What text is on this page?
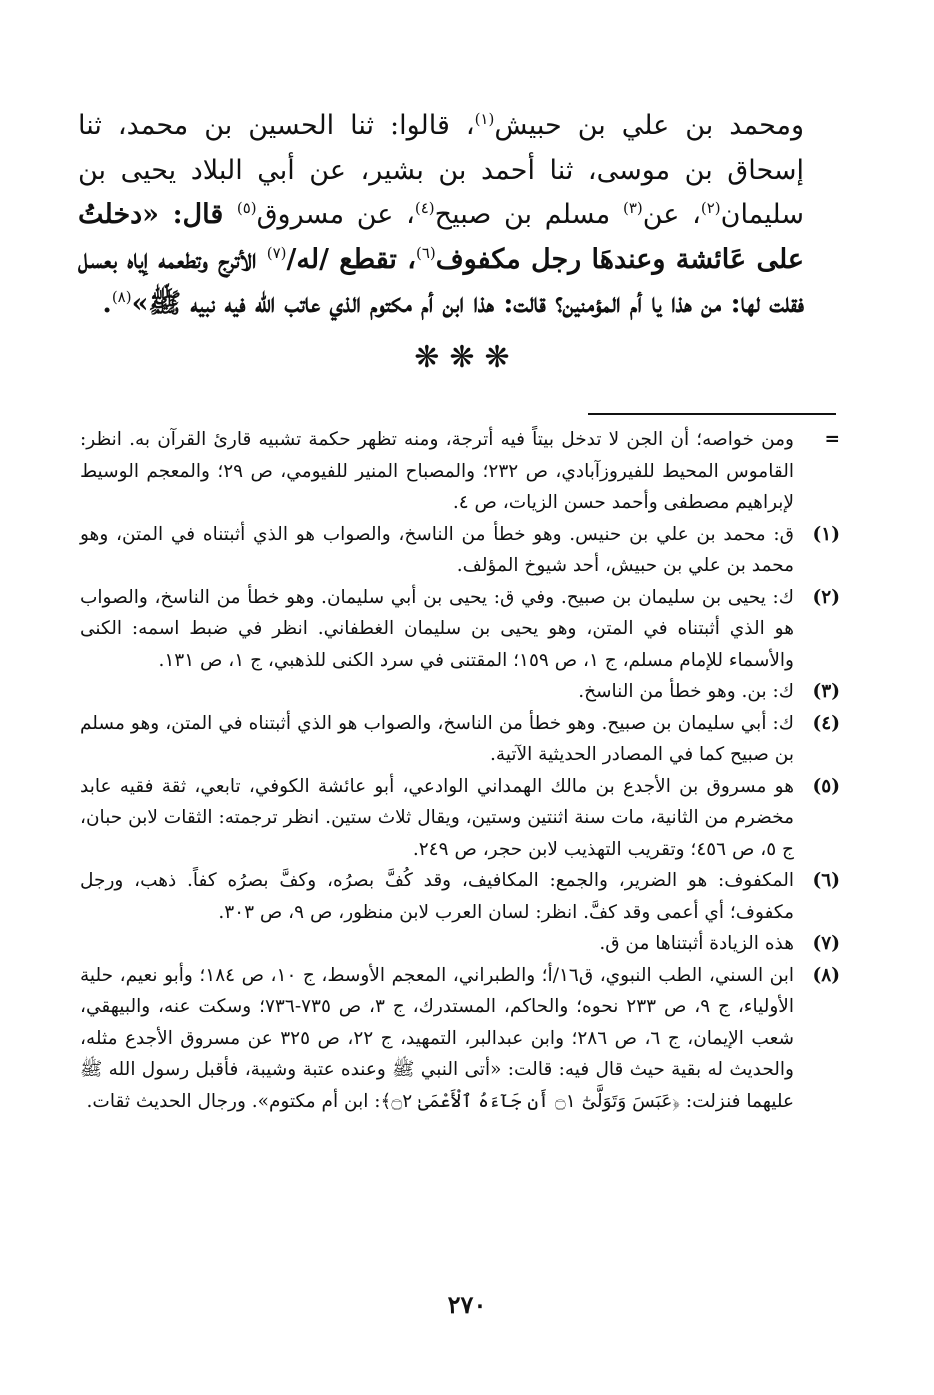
ومحمد بن علي بن حبيش$^{(١)}$، قالوا: ثنا الحسين بن محمد، ثنا إسحاق بن موسى، ثنا أحمد بن بشير، عن أبي البلاد يحيى بن سليمان$^{(٢)}$، عن$^{(٣)}$ مسلم بن صبيح$^{(٤)}$، عن مسروق$^{(٥)}$ قال: «دخلتُ على عَائشة وعندهَا رجل مكفوف$^{(٦)}$، تقطع /له/$^{(٧)}$ الأترج وتطعمه إياه بعسل فقلت لها: من هذا يا أم المؤمنين؟ قالت: هذا ابن أم مكتوم الذي عاتب الله فيه نبيه ﷺ»$^{(٨)}$.
❋❋❋
=
ومن خواصه؛ أن الجن لا تدخل بيتاً فيه أترجة، ومنه تظهر حكمة تشبيه قارئ القرآن به. انظر: القاموس المحيط للفيروزآبادي، ص ٢٣٢؛ والمصباح المنير للفيومي، ص ٢٩؛ والمعجم الوسيط لإبراهيم مصطفى وأحمد حسن الزيات، ص ٤.
(١)
ق: محمد بن علي بن حنيس. وهو خطأ من الناسخ، والصواب هو الذي أثبتناه في المتن، وهو محمد بن علي بن حبيش، أحد شيوخ المؤلف.
(٢)
ك: يحيى بن سليمان بن صبيح. وفي ق: يحيى بن أبي سليمان. وهو خطأ من الناسخ، والصواب هو الذي أثبتناه في المتن، وهو يحيى بن سليمان الغطفاني. انظر في ضبط اسمه: الكنى والأسماء للإمام مسلم، ج ١، ص ١٥٩؛ المقتنى في سرد الكنى للذهبي، ج ١، ص ١٣١.
(٣)
ك: بن. وهو خطأ من الناسخ.
(٤)
ك: أبي سليمان بن صبيح. وهو خطأ من الناسخ، والصواب هو الذي أثبتناه في المتن، وهو مسلم بن صبيح كما في المصادر الحديثية الآتية.
(٥)
هو مسروق بن الأجدع بن مالك الهمداني الوادعي، أبو عائشة الكوفي، تابعي، ثقة فقيه عابد مخضرم من الثانية، مات سنة اثنتين وستين، ويقال ثلاث ستين. انظر ترجمته: الثقات لابن حبان، ج ٥، ص ٤٥٦؛ وتقريب التهذيب لابن حجر، ص ٢٤٩.
(٦)
المكفوف: هو الضرير، والجمع: المكافيف، وقد كُفَّ بصرُه، وكفَّ بصرُه كفاً. ذهب، ورجل مكفوف؛ أي أعمى وقد كفَّ. انظر: لسان العرب لابن منظور، ص ٩، ص ٣٠٣.
(٧)
هذه الزيادة أثبتناها من ق.
(٨)
ابن السني، الطب النبوي، ق١٦/أ؛ والطبراني، المعجم الأوسط، ج ١٠، ص ١٨٤؛ وأبو نعيم، حلية الأولياء، ج ٩، ص ٢٣٣ نحوه؛ والحاكم، المستدرك، ج ٣، ص ٧٣٥-٧٣٦؛ وسكت عنه، والبيهقي، شعب الإيمان، ج ٦، ص ٢٨٦؛ وابن عبدالبر، التمهيد، ج ٢٢، ص ٣٢٥ عن مسروق الأجدع مثله، والحديث له بقية حيث قال فيه: قالت: «أتى النبي ﷺ وعنده عتبة وشيبة، فأقبل رسول الله ﷺ عليهما فنزلت: ﴿عَبَسَ وَتَوَلَّىٰٓ ۝١ أَن جَآءَهُ ٱلْأَعْمَىٰ ۝٢﴾: ابن أم مكتوم». ورجال الحديث ثقات.
٢٧٠
